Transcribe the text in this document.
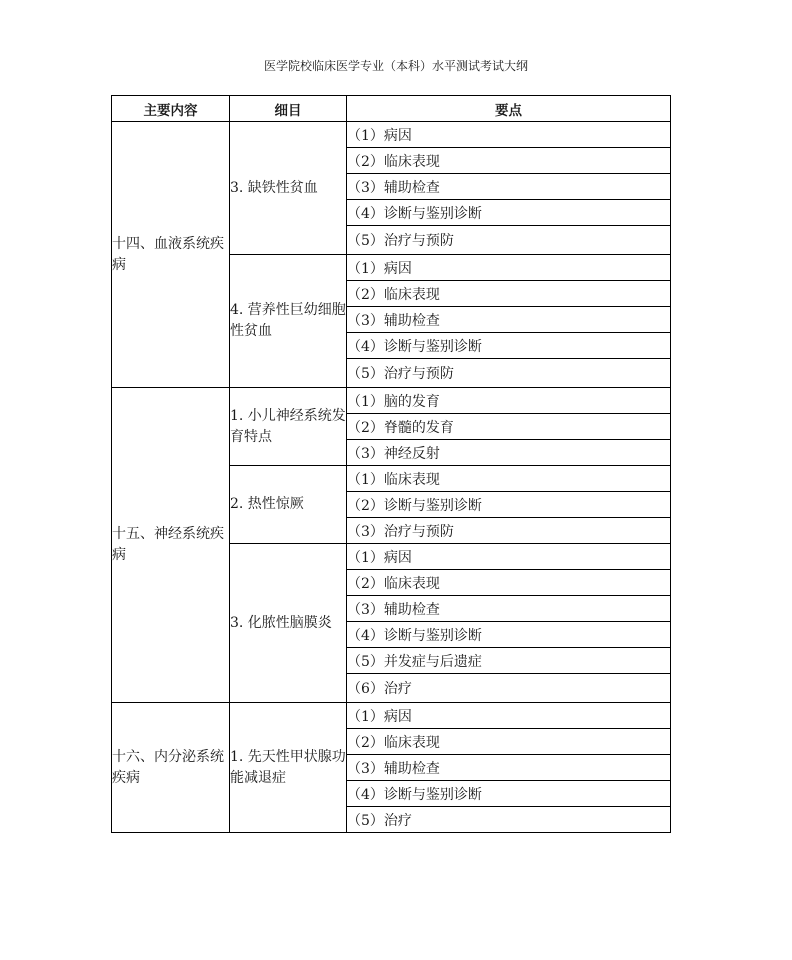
医学院校临床医学专业（本科）水平测试考试大纲
主要内容	细目	要点
十四、血液系统疾病	3. 缺铁性贫血	（1）病因
		（2）临床表现
		（3）辅助检查
		（4）诊断与鉴别诊断
		（5）治疗与预防
	4. 营养性巨幼细胞性贫血	（1）病因
		（2）临床表现
		（3）辅助检查
		（4）诊断与鉴别诊断
		（5）治疗与预防
十五、神经系统疾病	1. 小儿神经系统发育特点	（1）脑的发育
		（2）脊髓的发育
		（3）神经反射
	2. 热性惊厥	（1）临床表现
		（2）诊断与鉴别诊断
		（3）治疗与预防
	3. 化脓性脑膜炎	（1）病因
		（2）临床表现
		（3）辅助检查
		（4）诊断与鉴别诊断
		（5）并发症与后遗症
		（6）治疗
十六、内分泌系统疾病	1. 先天性甲状腺功能减退症	（1）病因
		（2）临床表现
		（3）辅助检查
		（4）诊断与鉴别诊断
		（5）治疗
